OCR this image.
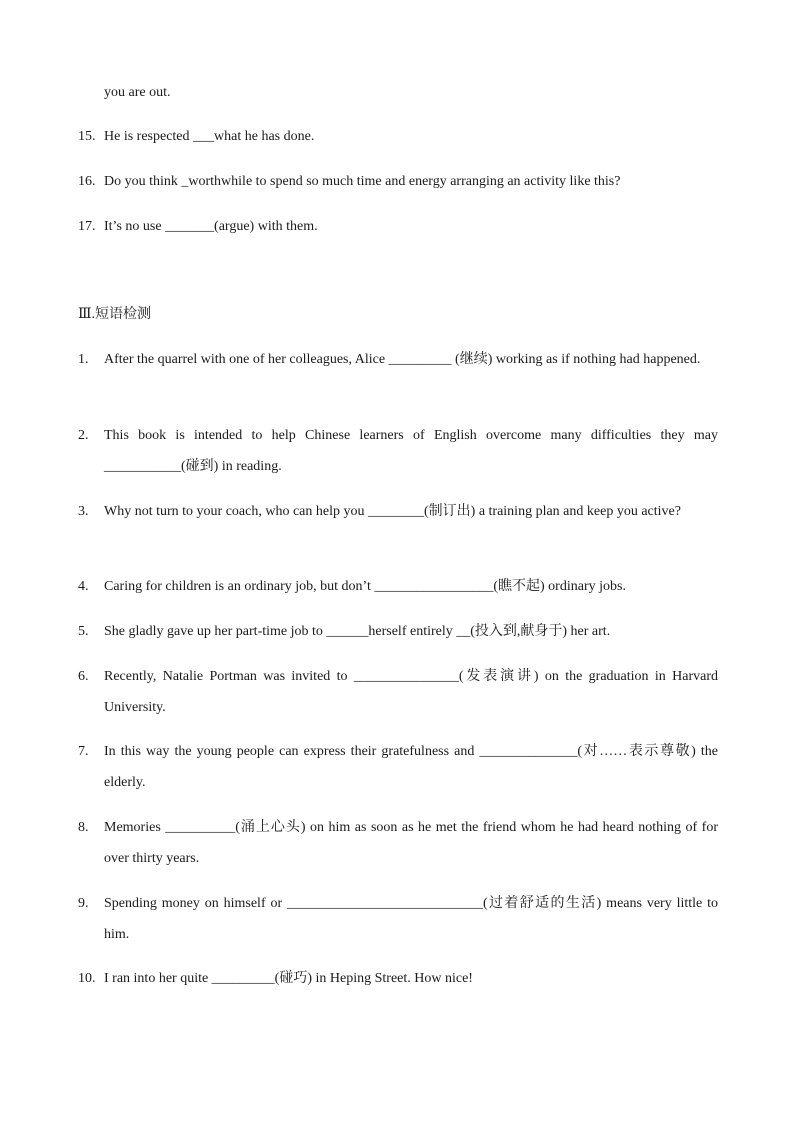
you are out.
15. He is respected ___what he has done.
16. Do you think _worthwhile to spend so much time and energy arranging an activity like this?
17. It’s no use _______(argue) with them.
Ⅲ.短语检测
1.	After the quarrel with one of her colleagues, Alice _________ (继续) working as if nothing had happened.
2.	This book is intended to help Chinese learners of English overcome many difficulties they may ___________(碰到) in reading.
3.	Why not turn to your coach, who can help you ________(制订出) a training plan and keep you active?
4.	Caring for children is an ordinary job, but don’t _________________(瞧不起) ordinary jobs.
5.	She gladly gave up her part-time job to ______herself entirely __(投入到,献身于) her art.
6.	Recently, Natalie Portman was invited to _______________(发表演讲) on the graduation in Harvard University.
7.	In this way the young people can express their gratefulness and ______________(对……表示尊敬) the elderly.
8.	Memories __________(涌上心头) on him as soon as he met the friend whom he had heard nothing of for over thirty years.
9.	Spending money on himself or ____________________________(过着舒适的生活) means very little to him.
10. I ran into her quite _________(碰巧) in Heping Street. How nice!
